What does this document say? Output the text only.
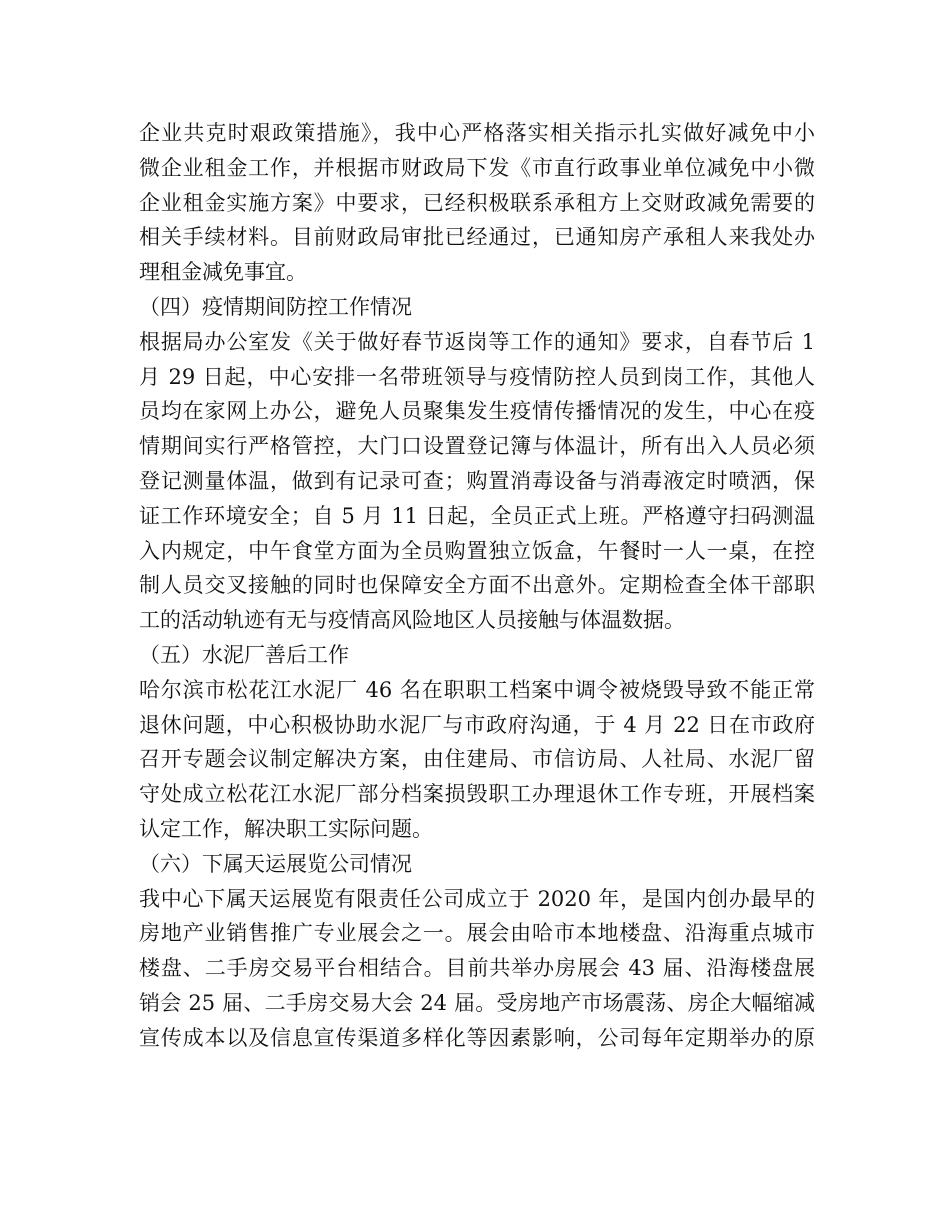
企业共克时艰政策措施》，我中心严格落实相关指示扎实做好减免中小
微企业租金工作，并根据市财政局下发《市直行政事业单位减免中小微
企业租金实施方案》中要求，已经积极联系承租方上交财政减免需要的
相关手续材料。目前财政局审批已经通过，已通知房产承租人来我处办
理租金减免事宜。
（四）疫情期间防控工作情况
根据局办公室发《关于做好春节返岗等工作的通知》要求，自春节后 1
月 29 日起，中心安排一名带班领导与疫情防控人员到岗工作，其他人
员均在家网上办公，避免人员聚集发生疫情传播情况的发生，中心在疫
情期间实行严格管控，大门口设置登记簿与体温计，所有出入人员必须
登记测量体温，做到有记录可查；购置消毒设备与消毒液定时喷洒，保
证工作环境安全；自 5 月 11 日起，全员正式上班。严格遵守扫码测温
入内规定，中午食堂方面为全员购置独立饭盒，午餐时一人一桌，在控
制人员交叉接触的同时也保障安全方面不出意外。定期检查全体干部职
工的活动轨迹有无与疫情高风险地区人员接触与体温数据。
（五）水泥厂善后工作
哈尔滨市松花江水泥厂 46 名在职职工档案中调令被烧毁导致不能正常
退休问题，中心积极协助水泥厂与市政府沟通，于 4 月 22 日在市政府
召开专题会议制定解决方案，由住建局、市信访局、人社局、水泥厂留
守处成立松花江水泥厂部分档案损毁职工办理退休工作专班，开展档案
认定工作，解决职工实际问题。
（六）下属天运展览公司情况
我中心下属天运展览有限责任公司成立于 2020 年，是国内创办最早的
房地产业销售推广专业展会之一。展会由哈市本地楼盘、沿海重点城市
楼盘、二手房交易平台相结合。目前共举办房展会 43 届、沿海楼盘展
销会 25 届、二手房交易大会 24 届。受房地产市场震荡、房企大幅缩减
宣传成本以及信息宣传渠道多样化等因素影响，公司每年定期举办的原
